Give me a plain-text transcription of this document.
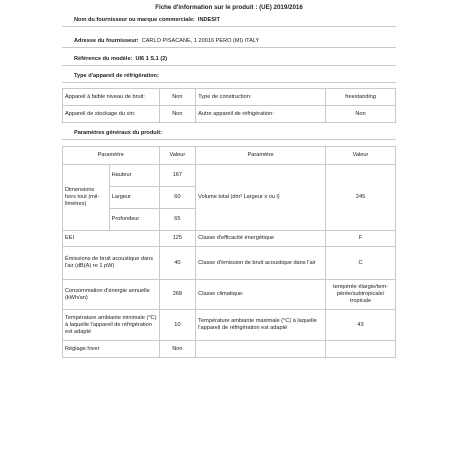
Fiche d'information sur le produit : (UE) 2019/2016
Nom du fournisseur ou marque commerciale: INDESIT
Adresse du fournisseur: CARLO PISACANE, 1 20016 PERO (MI) ITALY
Référence du modèle: UI6 1 S.1 (2)
Type d'appareil de réfrigération:
Appareil à faible niveau de bruit:	Non	Type de construction:	freestanding
Appareil de stockage du vin:	Non	Autre appareil de réfrigération:	Non
Paramètres généraux du produit:
Paramètre		Valeur	Paramètre	Valeur
Dimensions hors tout (mil-limètres)	Hauteur	167	Volume total (dm³ Largeur x ou l)	245
	Largeur	60		
	Profondeur	65		
EEI		125	Classe d'efficacité énergétique	F
Émissions de bruit acoustique dans l'air (dB(A) re 1 pW)		40	Classe d'émission de bruit acoustique dans l'air	C
Consommation d'énergie annuelle (kWh/an)		268	Classe climatique:	tempérée élargie/tem-pérée/subtropicale/ tropicale
Température ambiante minimale (°C) à laquelle l'appareil de réfrigération est adapté		10	Température ambiante maximale (°C) à laquelle l'appareil de réfrigération est adapté	43
Réglage hiver		Non		
